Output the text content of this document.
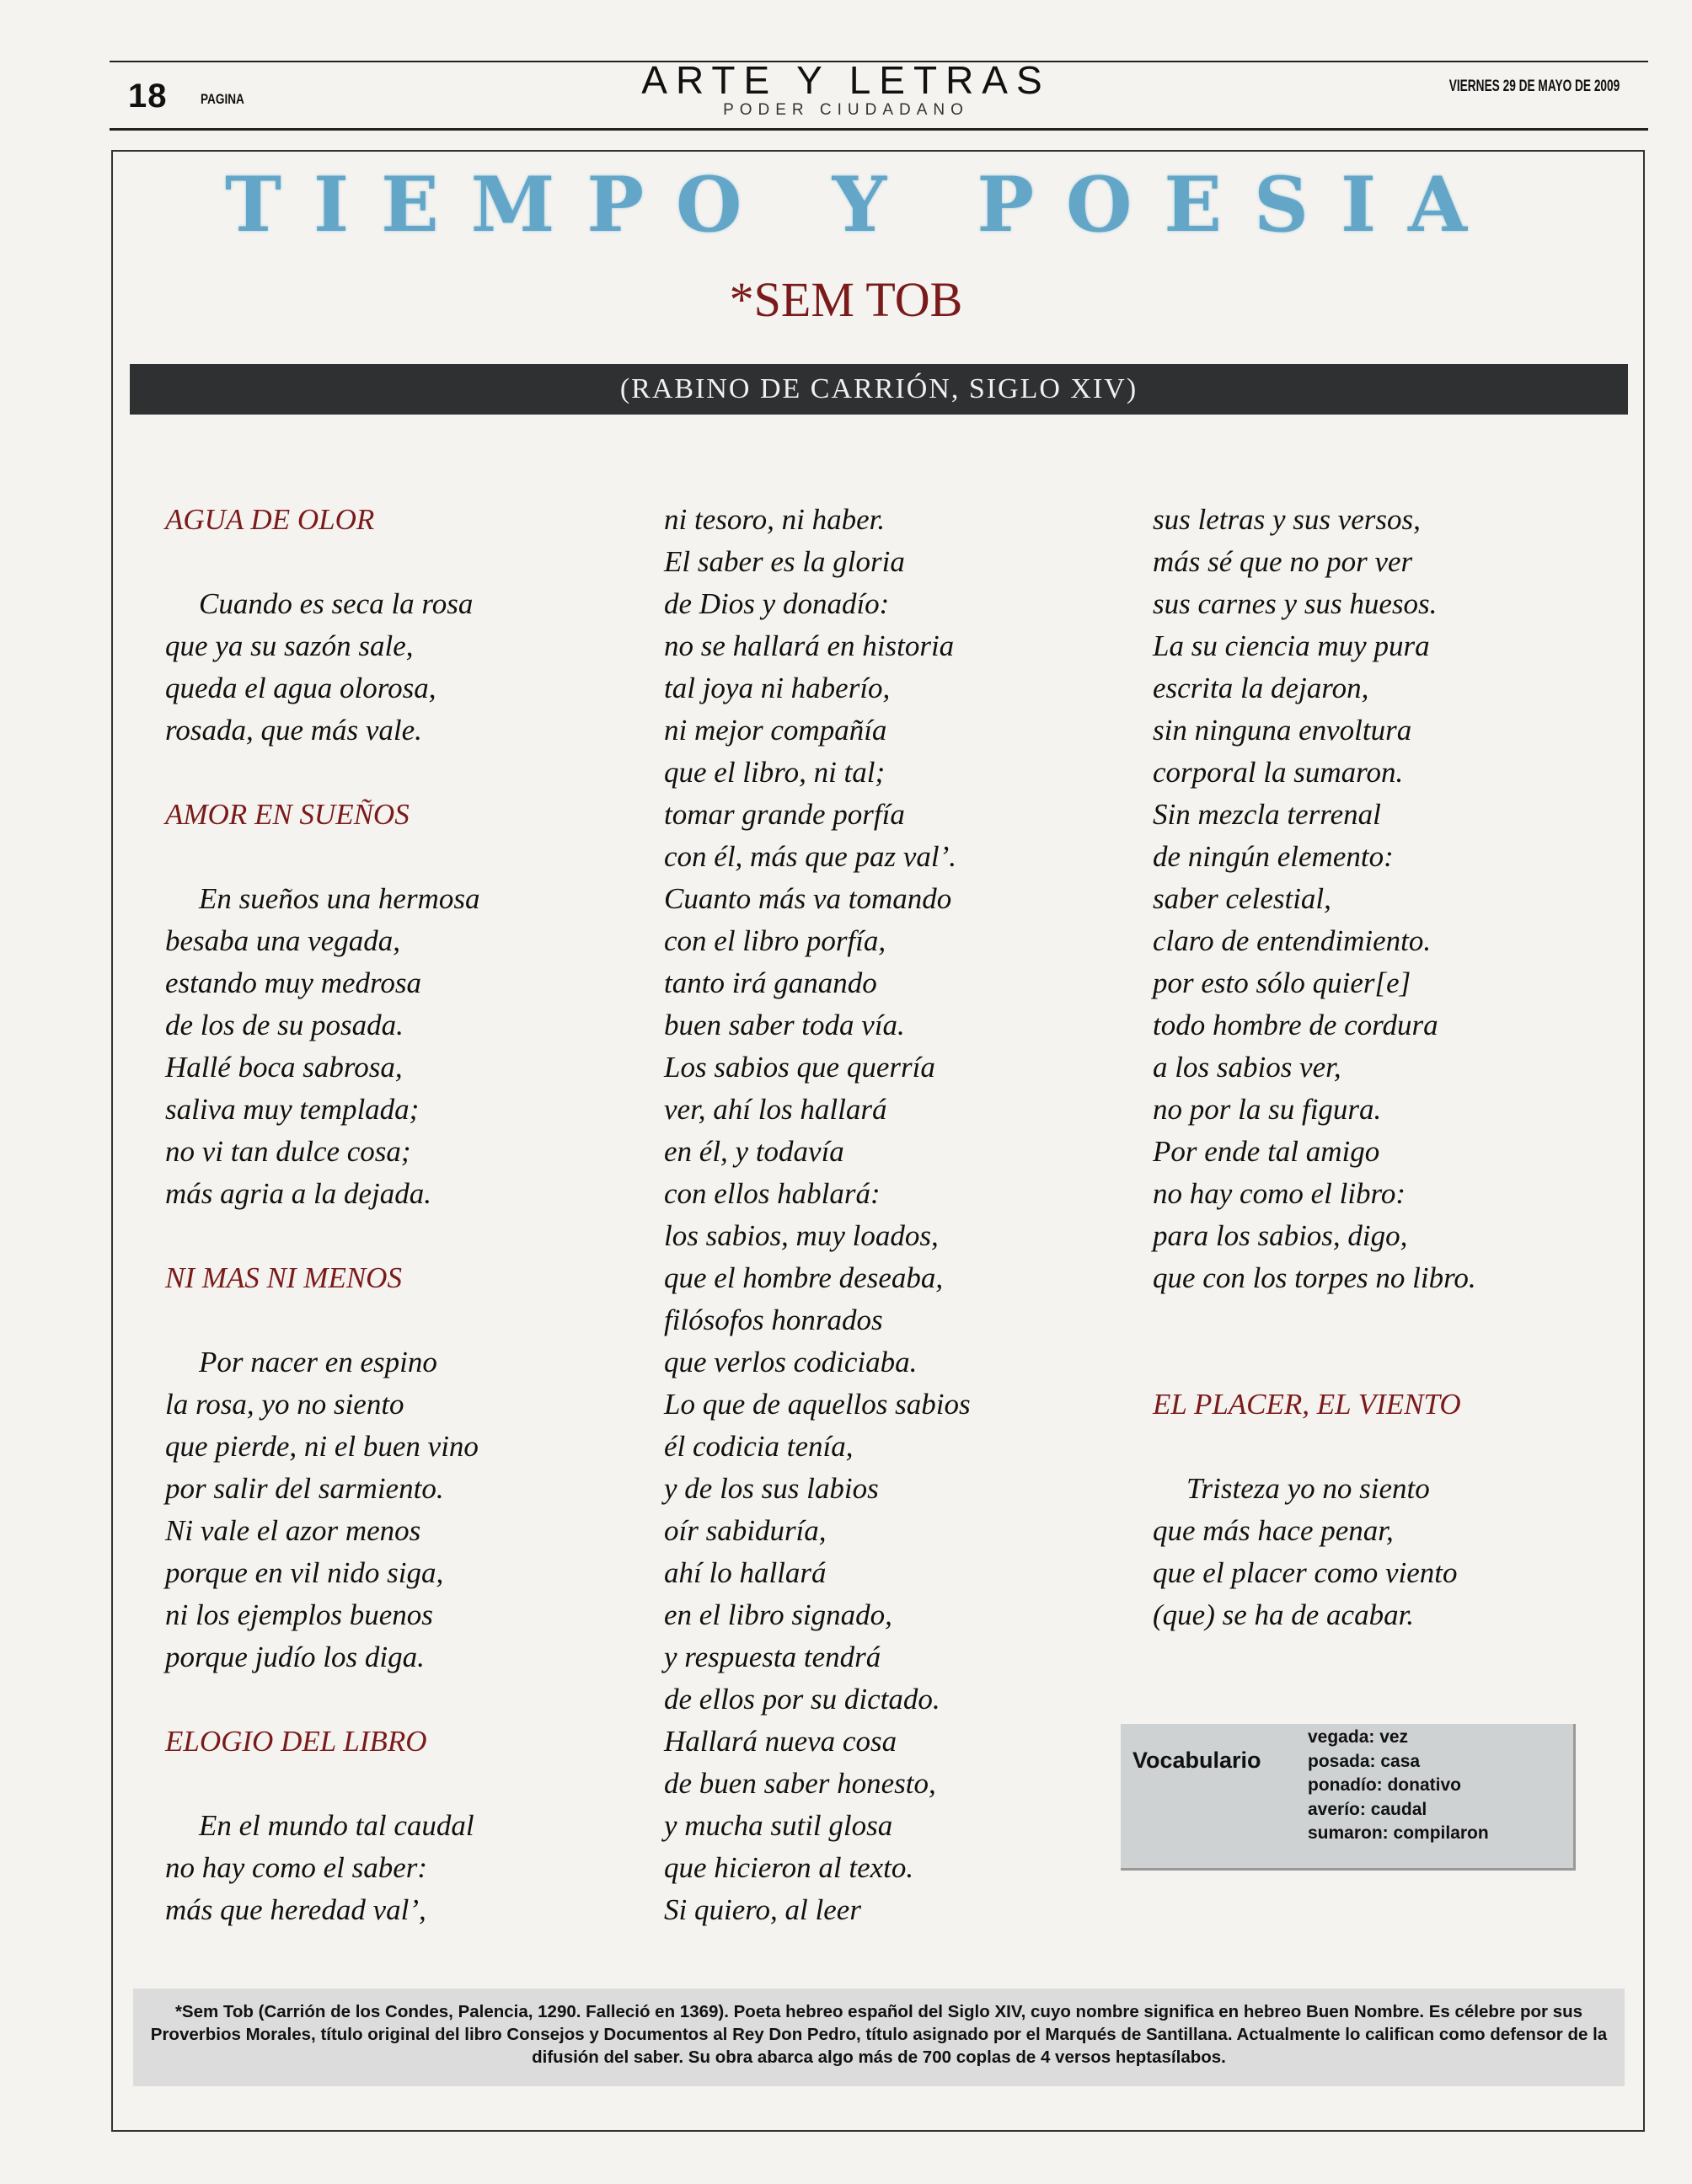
18 PAGINA	ARTE Y LETRAS
PODER CIUDADANO
VIERNES 29 DE MAYO DE 2009
TIEMPO Y POESIA
*SEM TOB
(RABINO DE CARRIÓN, SIGLO XIV)

AGUA DE OLOR

Cuando es seca la rosa

que ya su sazón sale,

queda el agua olorosa,

rosada, que más vale.

AMOR EN SUEÑOS

En sueños una hermosa

besaba una vegada,

estando muy medrosa

de los de su posada.

Hallé boca sabrosa,

saliva muy templada;

no vi tan dulce cosa;

más agria a la dejada.

NI MAS NI MENOS

Por nacer en espino

la rosa, yo no siento

que pierde, ni el buen vino

por salir del sarmiento.

Ni vale el azor menos

porque en vil nido siga,

ni los ejemplos buenos

porque judío los diga.

ELOGIO DEL LIBRO

En el mundo tal caudal

no hay como el saber:

más que heredad val’,

ni tesoro, ni haber.

El saber es la gloria

de Dios y donadío:

no se hallará en historia

tal joya ni haberío,

ni mejor compañía

que el libro, ni tal;

tomar grande porfía

con él, más que paz val’.

Cuanto más va tomando

con el libro porfía,

tanto irá ganando

buen saber toda vía.

Los sabios que querría

ver, ahí los hallará

en él, y todavía

con ellos hablará:

los sabios, muy loados,

que el hombre deseaba,

filósofos honrados

que verlos codiciaba.

Lo que de aquellos sabios

él codicia tenía,

y de los sus labios

oír sabiduría,

ahí lo hallará

en el libro signado,

y respuesta tendrá

de ellos por su dictado.

Hallará nueva cosa

de buen saber honesto,

y mucha sutil glosa

que hicieron al texto.

Si quiero, al leer

sus letras y sus versos,

más sé que no por ver

sus carnes y sus huesos.

La su ciencia muy pura

escrita la dejaron,

sin ninguna envoltura

corporal la sumaron.

Sin mezcla terrenal

de ningún elemento:

saber celestial,

claro de entendimiento.

por esto sólo quier[e]

todo hombre de cordura

a los sabios ver,

no por la su figura.

Por ende tal amigo

no hay como el libro:

para los sabios, digo,

que con los torpes no libro.

EL PLACER, EL VIENTO

Tristeza yo no siento

que más hace penar,

que el placer como viento

(que) se ha de acabar.

Vocabulario
vegada: vez
posada: casa
ponadío: donativo
averío: caudal
sumaron: compilaron
*Sem Tob (Carrión de los Condes, Palencia, 1290. Falleció en 1369). Poeta hebreo español del Siglo XIV, cuyo nombre significa en hebreo Buen Nombre. Es célebre por sus Proverbios Morales, título original del libro Consejos y Documentos al Rey Don Pedro, título asignado por el Marqués de Santillana. Actualmente lo califican como defensor de la difusión del saber. Su obra abarca algo más de 700 coplas de 4 versos heptasílabos.
